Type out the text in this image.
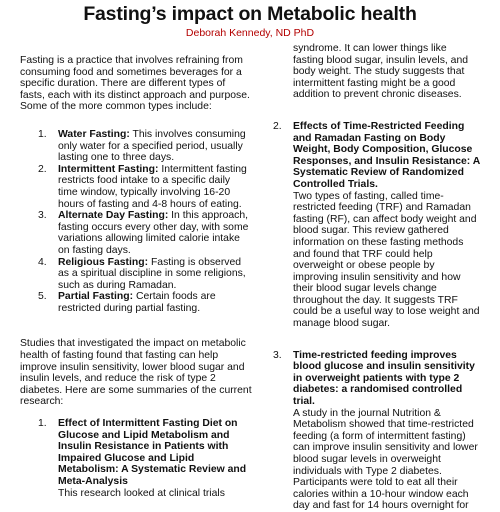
Fasting’s impact on Metabolic health
Deborah Kennedy, ND PhD

Fasting is a practice that involves refraining from consuming food and sometimes beverages for a specific duration. There are different types of fasts, each with its distinct approach and purpose. Some of the more common types include:

1. Water Fasting: This involves consuming only water for a specified period, usually lasting one to three days.
2. Intermittent Fasting: Intermittent fasting restricts food intake to a specific daily time window, typically involving 16-20 hours of fasting and 4-8 hours of eating.
3. Alternate Day Fasting: In this approach, fasting occurs every other day, with some variations allowing limited calorie intake on fasting days.
4. Religious Fasting: Fasting is observed as a spiritual discipline in some religions, such as during Ramadan.
5. Partial Fasting: Certain foods are restricted during partial fasting.

Studies that investigated the impact on metabolic health of fasting found that fasting can help improve insulin sensitivity, lower blood sugar and insulin levels, and reduce the risk of type 2 diabetes. Here are some summaries of the current research:

1. Effect of Intermittent Fasting Diet on Glucose and Lipid Metabolism and Insulin Resistance in Patients with Impaired Glucose and Lipid Metabolism: A Systematic Review and Meta-Analysis
This research looked at clinical trials

syndrome. It can lower things like fasting blood sugar, insulin levels, and body weight. The study suggests that intermittent fasting might be a good addition to prevent chronic diseases.

2. Effects of Time-Restricted Feeding and Ramadan Fasting on Body Weight, Body Composition, Glucose Responses, and Insulin Resistance: A Systematic Review of Randomized Controlled Trials.
Two types of fasting, called time-restricted feeding (TRF) and Ramadan fasting (RF), can affect body weight and blood sugar. This review gathered information on these fasting methods and found that TRF could help overweight or obese people by improving insulin sensitivity and how their blood sugar levels change throughout the day. It suggests TRF could be a useful way to lose weight and manage blood sugar.
3. Time-restricted feeding improves blood glucose and insulin sensitivity in overweight patients with type 2 diabetes: a randomised controlled trial.
A study in the journal Nutrition & Metabolism showed that time-restricted feeding (a form of intermittent fasting) can improve insulin sensitivity and lower blood sugar levels in overweight individuals with Type 2 diabetes. Participants were told to eat all their calories within a 10-hour window each day and fast for 14 hours overnight for
